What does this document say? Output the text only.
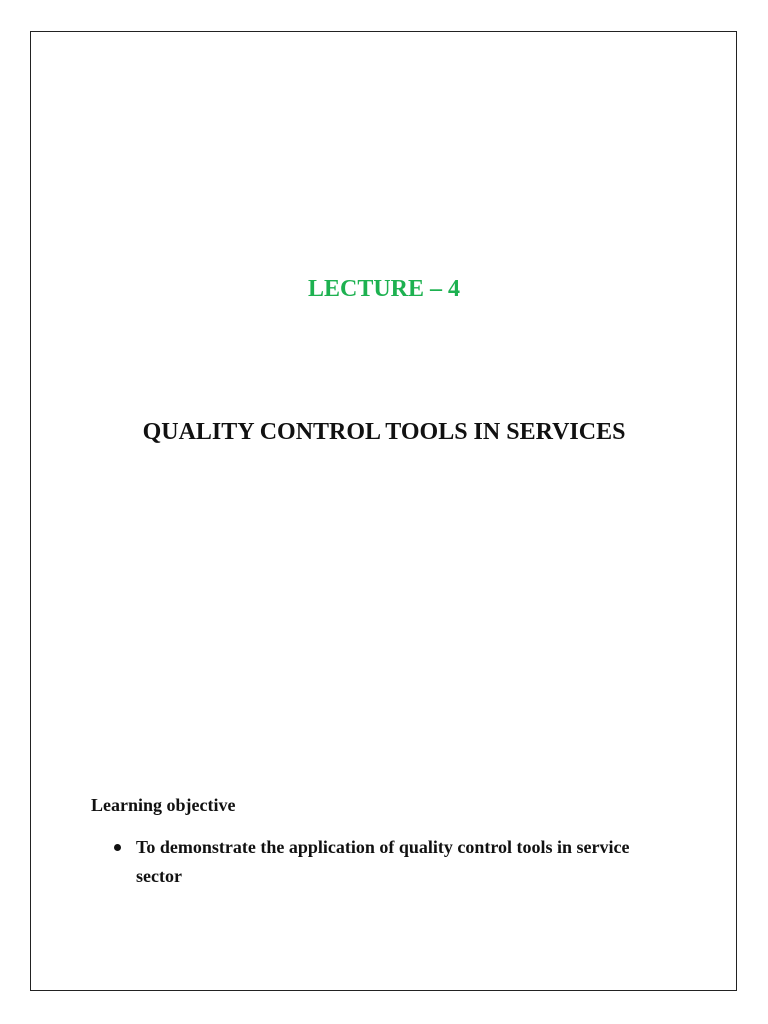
LECTURE – 4
QUALITY CONTROL TOOLS IN SERVICES
Learning objective
To demonstrate the application of quality control tools in service sector
